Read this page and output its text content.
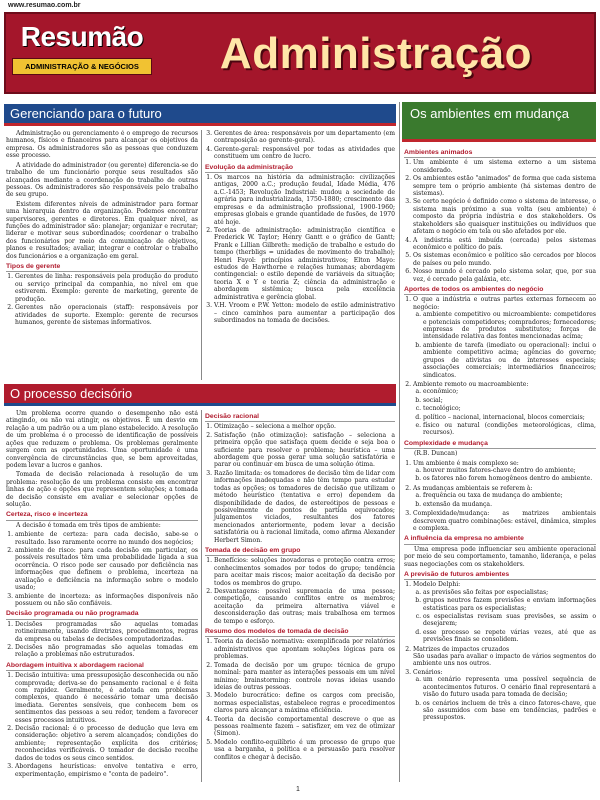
www.resumao.com.br
Resumão
ADMINISTRAÇÃO & NEGÓCIOS	Administração
Gerenciando para o futuro	Os ambientes em mudança
O processo decisório

Administração ou gerenciamento é o emprego de recursos humanos, físicos e financeiros para alcançar os objetivos da empresa. Os administradores são as pessoas que conduzem esse processo.

A atividade do administrador (ou gerente) diferencia-se do trabalho de um funcionário porque seus resultados são alcançados mediante a coordenação do trabalho de outras pessoas. Os administradores são responsáveis pelo trabalho de seu grupo.

Existem diferentes níveis de administrador para formar uma hierarquia dentro da organização. Podemos encontrar supervisores, gerentes e diretores. Em qualquer nível, as funções do administrador são: planejar; organizar e recrutar; liderar e motivar seus subordinados; coordenar o trabalho dos funcionários por meio da comunicação de objetivos, planos e resultados; avaliar, integrar e controlar o trabalho dos funcionários e a organização em geral.

Tipos de gerente
1. Gerentes de linha: responsáveis pela produção do produto ou serviço principal da companhia, no nível em que estiverem. Exemplo: gerente de marketing, gerente de produção.
2. Gerentes não operacionais (staff): responsáveis por atividades de suporte. Exemplo: gerente de recursos humanos, gerente de sistemas informativos.
3. Gerentes de área: responsáveis por um departamento (em contraposição ao gerente-geral).
4. Gerente-geral: responsável por todas as atividades que constituem um centro de lucro.
Evolução da administração
1. Os marcos na história da administração: civilizações antigas, 2000 a.C.; produção feudal, Idade Média, 476 a.C.-1453; Revolução Industrial: mudou a sociedade de agrária para industrializada, 1750-1880; crescimento das empresas e da administração profissional, 1900-1960; empresas globais e grande quantidade de fusões, de 1970 até hoje.
2. Teorias de administração: administração científica e Frederick W. Taylor; Henry Gantt e o gráfico de Gantt; Frank e Lillian Gilbreth: medição de trabalho e estudo do tempo (therbligs = unidades de movimento do trabalho); Henri Fayol: princípios administrativos; Elton Mayo: estudos de Hawthorne e relações humanas; abordagem contingencial: o estilo depende de variáveis da situação; teoria X e Y e teoria Z; ciência da administração e abordagem sistêmica; busca pela excelência administrativa e gerência global.
3. V.H. Vroom e P.W. Yetton: modelo de estilo administrativo – cinco caminhos para aumentar a participação dos subordinados na tomada de decisões.

Um problema ocorre quando o desempenho não está atingindo, ou não vai atingir, os objetivos. É um desvio em relação a um padrão ou a um plano estabelecido. A resolução de um problema é o processo de identificação de possíveis ações que reduzem o problema. Os problemas geralmente surgem com as oportunidades. Uma oportunidade é uma convergência de circunstâncias que, se bem aproveitadas, podem levar a lucros e ganhos.

Tomada de decisão relacionada à resolução de um problema: resolução de um problema consiste em encontrar linhas de ação e opções que representem soluções; a tomada de decisão consiste em avaliar e selecionar opções de solução.

Certeza, risco e incerteza

A decisão é tomada em três tipos de ambiente:

1. ambiente de certeza: para cada decisão, sabe-se o resultado. Isso raramente ocorre no mundo dos negócios;
2. ambiente de risco: para cada decisão em particular, os possíveis resultados têm uma probabilidade ligada a sua ocorrência. O risco pode ser causado por deficiência nas informações que definem o problema, incerteza na avaliação e deficiência na informação sobre o modelo usado;
3. ambiente de incerteza: as informações disponíveis não possuem ou não são confiáveis.
Decisão programada ou não programada
1. Decisões programadas são aquelas tomadas rotineiramente, usando diretrizes, procedimentos, regras da empresa ou tabelas de decisões computadorizadas.
2. Decisões não programadas são aquelas tomadas em relação a problemas não estruturados.
Abordagem intuitiva x abordagem racional
1. Decisão intuitiva: uma pressuposição desconhecida ou não comprovada; deriva-se do pensamento racional e é feita com rapidez. Geralmente, é adotada em problemas complexos, quando é necessário tomar uma decisão imediata. Gerentes sensíveis, que conhecem bem os sentimentos das pessoas a seu redor, tendem a favorecer esses processos intuitivos.
2. Decisão racional: é o processo de dedução que leva em consideração: objetivo a serem alcançados; condições do ambiente; representação explícita dos critérios; reconhecidas verificáveis. O tomador de decisão recolhe dados de todos os seus cinco sentidos.
3. Abordagens heurísticas: envolve tentativa e erro, experimentação, empirismo e "conta de padeiro".
Decisão racional
1. Otimização – seleciona a melhor opção.
2. Satisfação (não otimização): satisfação – seleciona a primeira opção que satisfaça quem decide e seja boa o suficiente para resolver o problema; heurística – uma abordagem que possa gerar uma solução satisfatória e parar ou continuar em busca de uma solução ótima.
3. Razão limitada: os tomadores de decisão têm de lidar com informações inadequadas e não têm tempo para estudar todas as opções; os tomadores de decisão que utilizam o método heurístico (tentativa e erro) dependem da disponibilidade de dados, de estereótipos de pessoas e possivelmente de pontos de partida equivocados; julgamentos viciados, resultantes dos fatores mencionados anteriormente, podem levar a decisão satisfatória ou à racional limitada, como afirma Alexander Herbert Simon.
Tomada de decisão em grupo
1. Benefícios: soluções inovadoras e proteção contra erros; conhecimentos somados por todos do grupo; tendência para aceitar mais riscos; maior aceitação da decisão por todos os membros do grupo.
2. Desvantagens: possível supremacia de uma pessoa; competição, causando conflitos entre os membros; aceitação da primeira alternativa viável e desconsideração das outras; mais trabalhosa em termos de tempo e esforço.
Resumo dos modelos de tomada de decisão
1. Teoria da decisão normativa: exemplificada por relatórios administrativos que apontam soluções lógicas para os problemas.
2. Tomada de decisão por um grupo: técnica de grupo nominal: para manter as interações pessoais em um nível mínimo; brainstorming: controle novas ideias usando ideias de outras pessoas.
3. Modelo burocrático: define os cargos com precisão, normas especialistas, estabelece regras e procedimentos claros para alcançar a máxima eficiência.
4. Teoria da decisão comportamental descreve o que as pessoas realmente fazem – satisfizer, em vez de otimizar (Simon).
5. Modelo conflito-equilíbrio é um processo de grupo que usa a barganha, a política e a persuasão para resolver conflitos e chegar à decisão.
Ambientes animados
1. Um ambiente é um sistema externo a um sistema considerado.
2. Os ambientes estão "animados" de forma que cada sistema sempre tem o próprio ambiente (há sistemas dentro de sistemas).
3. Se certo negócio é definido como o sistema de interesse, o sistema mais próximo a sua volta (seu ambiente) é composto da própria indústria e dos stakeholders. Os stakeholders são quaisquer instituições ou indivíduos que afetam o negócio em tela ou são afetados por ele.
4. A indústria está imbuída (cercada) pelos sistemas econômico e político do país.
5. Os sistemas econômico e político são cercados por blocos de países ou pelo mundo.
6. Nosso mundo é cercado pelo sistema solar, que, por sua vez, é cercado pela galáxia, etc.
Aportes de todos os ambientes do negócio
1. O que a indústria e outras partes externas fornecem ao negócio:
a. ambiente competitivo ou microambiente: competidores e potenciais competidores; compradores; fornecedores; empresas de produtos substitutos; forças de intensidade relativa das fontes mencionadas acima;
b. ambiente de tarefa (imediato ou operacional): inclui o ambiente competitivo acima; agências do governo; grupos de ativistas ou de interesses especiais; associações comerciais; intermediários financeiros; sindicatos.
2. Ambiente remoto ou macroambiente:
a. econômico;
b. social;
c. tecnológico;
d. político – nacional, internacional, blocos comerciais;
e. físico ou natural (condições meteorológicas, clima, recursos).
Complexidade e mudança

(R.B. Duncan)

1. Um ambiente é mais complexo se:
a. houver muitos fatores-chave dentro do ambiente;
b. os fatores não forem homogêneos dentro do ambiente.
2. As mudanças ambientais se referem à:
a. frequência ou taxa de mudança do ambiente;
b. extensão da mudança.
3. Complexidade/mudança: as matrizes ambientais descrevem quatro combinações: estável, dinâmica, simples e complexa.
A influência da empresa no ambiente

Uma empresa pode influenciar seu ambiente operacional por meio de seu comportamento, tamanho, liderança, e pelas suas negociações com os stakeholders.

A previsão de futuros ambientes
1. Modelo Delphi:
a. as previsões são feitas por especialistas;
b. grupos neutros fazem previsões e enviam informações estatísticas para os especialistas;
c. os especialistas revisam suas previsões, se assim o desejarem;
d. esse processo se repete várias vezes, até que as previsões finais se consolidem.
2. Matrizes de impactos cruzados
São usadas para avaliar o impacto de vários segmentos do ambiente uns nos outros.
3. Cenários:
a. um cenário representa uma possível sequência de acontecimentos futuros. O cenário final representará a visão do futuro usada para tomada de decisão;
b. os cenários incluem de três a cinco fatores-chave, que são assumidos com base em tendências, padrões e pressupostos.
1
